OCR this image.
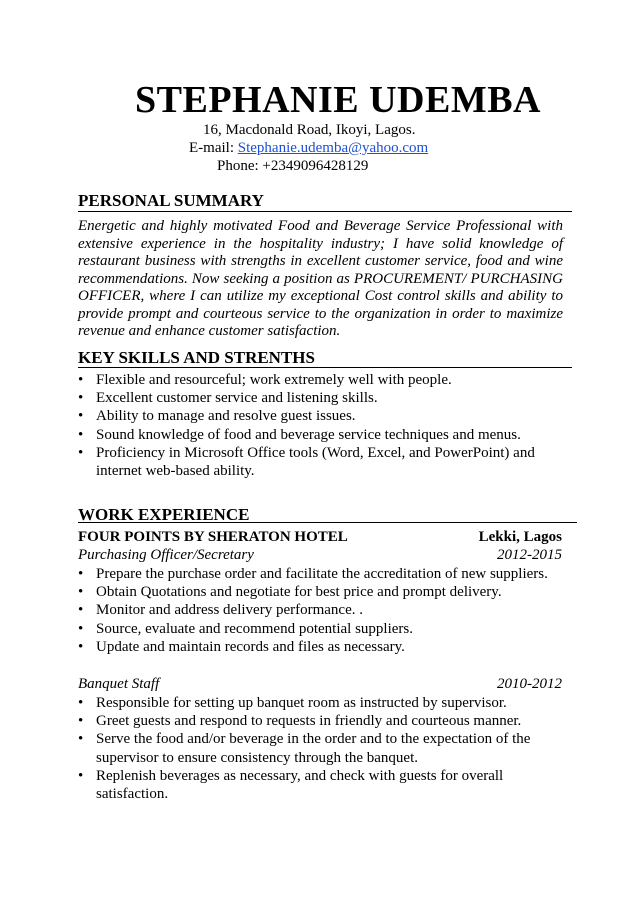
STEPHANIE UDEMBA
16, Macdonald Road, Ikoyi, Lagos.
E-mail: Stephanie.udemba@yahoo.com
Phone: +2349096428129
PERSONAL SUMMARY
Energetic and highly motivated Food and Beverage Service Professional with extensive experience in the hospitality industry; I have solid knowledge of restaurant business with strengths in excellent customer service, food and wine recommendations. Now seeking a position as PROCUREMENT/ PURCHASING OFFICER, where I can utilize my exceptional Cost control skills and ability to provide prompt and courteous service to the organization in order to maximize revenue and enhance customer satisfaction.
KEY SKILLS AND STRENTHS
• Flexible and resourceful; work extremely well with people.
• Excellent customer service and listening skills.
• Ability to manage and resolve guest issues.
• Sound knowledge of food and beverage service techniques and menus.
• Proficiency in Microsoft Office tools (Word, Excel, and PowerPoint) and internet web-based ability.
WORK EXPERIENCE
FOUR POINTS BY SHERATON HOTEL	Lekki, Lagos
Purchasing Officer/Secretary	2012-2015
• Prepare the purchase order and facilitate the accreditation of new suppliers.
• Obtain Quotations and negotiate for best price and prompt delivery.
• Monitor and address delivery performance. .
• Source, evaluate and recommend potential suppliers.
• Update and maintain records and files as necessary.
Banquet Staff	2010-2012
• Responsible for setting up banquet room as instructed by supervisor.
• Greet guests and respond to requests in friendly and courteous manner.
• Serve the food and/or beverage in the order and to the expectation of the supervisor to ensure consistency through the banquet.
• Replenish beverages as necessary, and check with guests for overall satisfaction.
